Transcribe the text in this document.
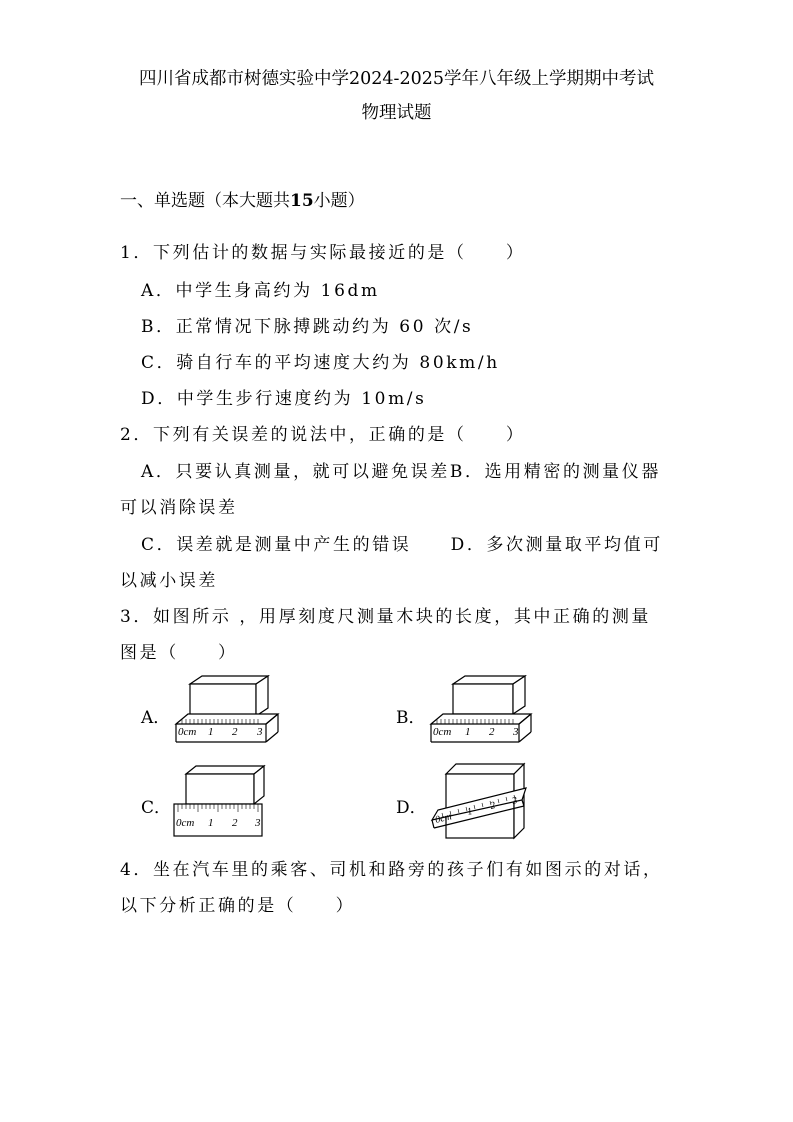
四川省成都市树德实验中学2024-2025学年八年级上学期期中考试
物理试题
一、单选题（本大题共15小题）
1．下列估计的数据与实际最接近的是（　　）
A．中学生身高约为 16dm
B．正常情况下脉搏跳动约为 60 次/s
C．骑自行车的平均速度大约为 80km/h
D．中学生步行速度约为 10m/s
2．下列有关误差的说法中，正确的是（　　）
A．只要认真测量，就可以避免误差B．选用精密的测量仪器
可以消除误差
C．误差就是测量中产生的错误　　D．多次测量取平均值可
以减小误差
3．如图所示 ，用厚刻度尺测量木块的长度，其中正确的测量
图是（　　）
A．	B．
C．	D．
0cm 1 2 3	0cm 1 2 3
0cm 1 2 3	0cm 1
2 3
4．坐在汽车里的乘客、司机和路旁的孩子们有如图示的对话，
以下分析正确的是（　　）
